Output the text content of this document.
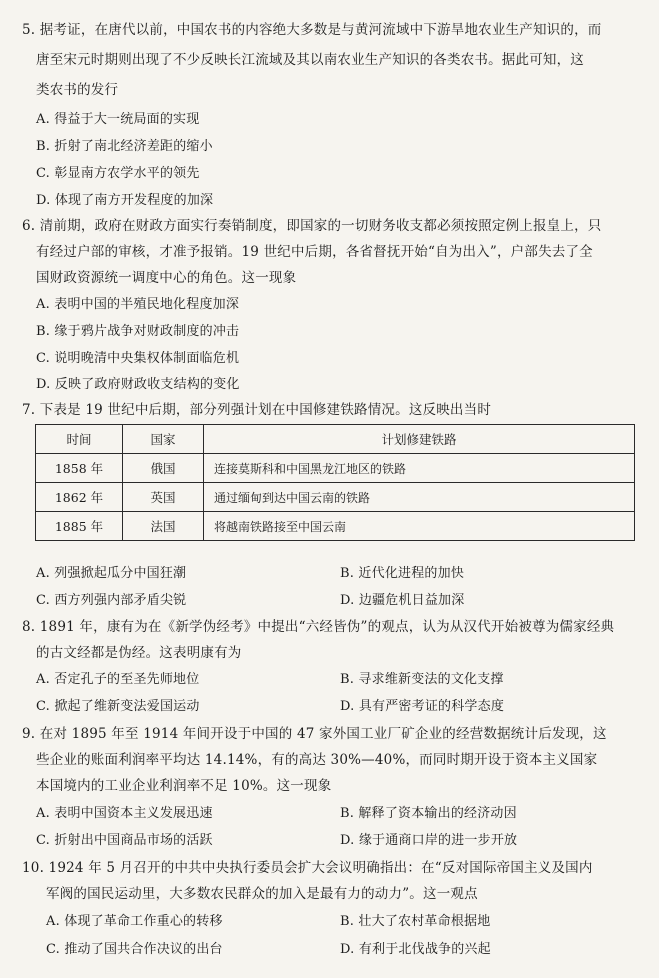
5. 据考证，在唐代以前，中国农书的内容绝大多数是与黄河流域中下游旱地农业生产知识的，而
唐至宋元时期则出现了不少反映长江流域及其以南农业生产知识的各类农书。据此可知，这
类农书的发行
A. 得益于大一统局面的实现
B. 折射了南北经济差距的缩小
C. 彰显南方农学水平的领先
D. 体现了南方开发程度的加深
6. 清前期，政府在财政方面实行奏销制度，即国家的一切财务收支都必须按照定例上报皇上，只
有经过户部的审核，才准予报销。19 世纪中后期，各省督抚开始“自为出入”，户部失去了全
国财政资源统一调度中心的角色。这一现象
A. 表明中国的半殖民地化程度加深
B. 缘于鸦片战争对财政制度的冲击
C. 说明晚清中央集权体制面临危机
D. 反映了政府财政收支结构的变化
7. 下表是 19 世纪中后期，部分列强计划在中国修建铁路情况。这反映出当时
时间	国家	计划修建铁路
1858 年	俄国	连接莫斯科和中国黑龙江地区的铁路
1862 年	英国	通过缅甸到达中国云南的铁路
1885 年	法国	将越南铁路接至中国云南
A. 列强掀起瓜分中国狂潮	B. 近代化进程的加快
C. 西方列强内部矛盾尖锐	D. 边疆危机日益加深
8. 1891 年，康有为在《新学伪经考》中提出“六经皆伪”的观点，认为从汉代开始被尊为儒家经典
的古文经都是伪经。这表明康有为
A. 否定孔子的至圣先师地位	B. 寻求维新变法的文化支撑
C. 掀起了维新变法爱国运动	D. 具有严密考证的科学态度
9. 在对 1895 年至 1914 年间开设于中国的 47 家外国工业厂矿企业的经营数据统计后发现，这
些企业的账面利润率平均达 14.14%，有的高达 30%—40%，而同时期开设于资本主义国家
本国境内的工业企业利润率不足 10%。这一现象
A. 表明中国资本主义发展迅速	B. 解释了资本输出的经济动因
C. 折射出中国商品市场的活跃	D. 缘于通商口岸的进一步开放
10. 1924 年 5 月召开的中共中央执行委员会扩大会议明确指出：在“反对国际帝国主义及国内
军阀的国民运动里，大多数农民群众的加入是最有力的动力”。这一观点
A. 体现了革命工作重心的转移	B. 壮大了农村革命根据地
C. 推动了国共合作决议的出台	D. 有利于北伐战争的兴起
